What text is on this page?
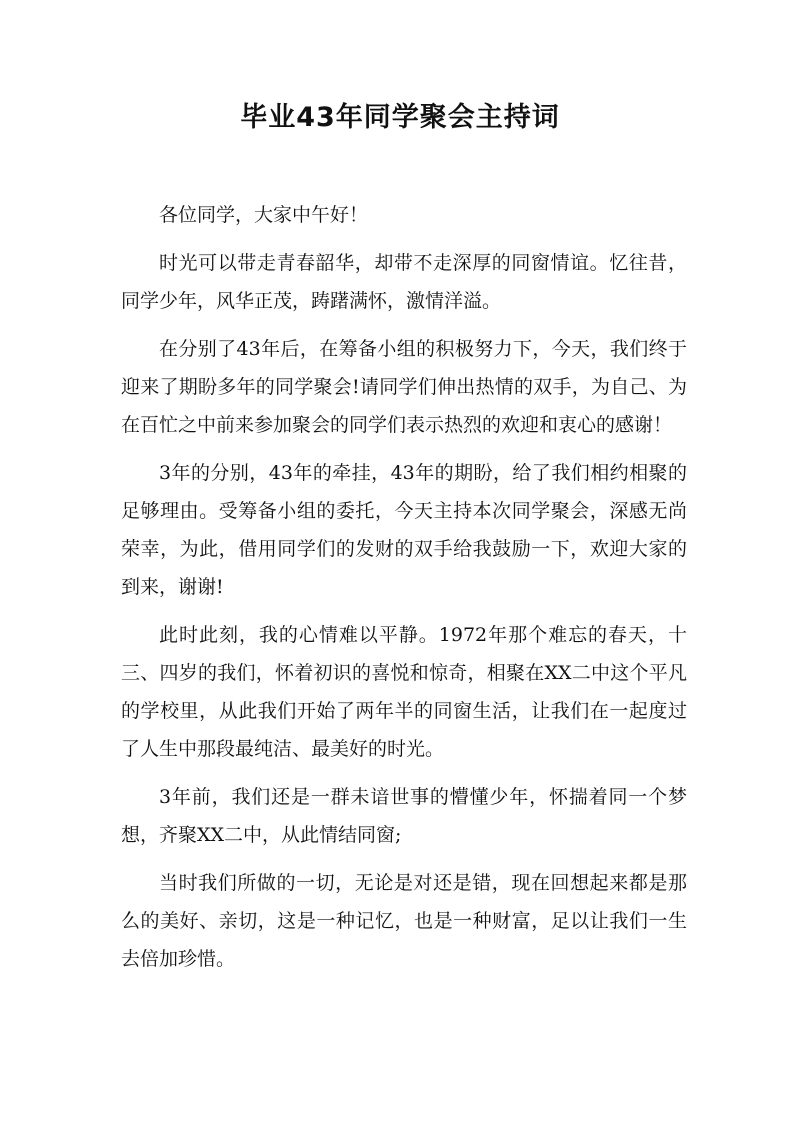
毕业43年同学聚会主持词

各位同学，大家中午好！

时光可以带走青春韶华，却带不走深厚的同窗情谊。忆往昔，同学少年，风华正茂，踌躇满怀，激情洋溢。

在分别了43年后，在筹备小组的积极努力下，今天，我们终于迎来了期盼多年的同学聚会!请同学们伸出热情的双手，为自己、为在百忙之中前来参加聚会的同学们表示热烈的欢迎和衷心的感谢！

3年的分别，43年的牵挂，43年的期盼，给了我们相约相聚的足够理由。受筹备小组的委托，今天主持本次同学聚会，深感无尚荣幸，为此，借用同学们的发财的双手给我鼓励一下，欢迎大家的到来，谢谢!

此时此刻，我的心情难以平静。1972年那个难忘的春天，十三、四岁的我们，怀着初识的喜悦和惊奇，相聚在XX二中这个平凡的学校里，从此我们开始了两年半的同窗生活，让我们在一起度过了人生中那段最纯洁、最美好的时光。

3年前，我们还是一群未谙世事的懵懂少年，怀揣着同一个梦想，齐聚XX二中，从此情结同窗;

当时我们所做的一切，无论是对还是错，现在回想起来都是那么的美好、亲切，这是一种记忆，也是一种财富，足以让我们一生去倍加珍惜。
